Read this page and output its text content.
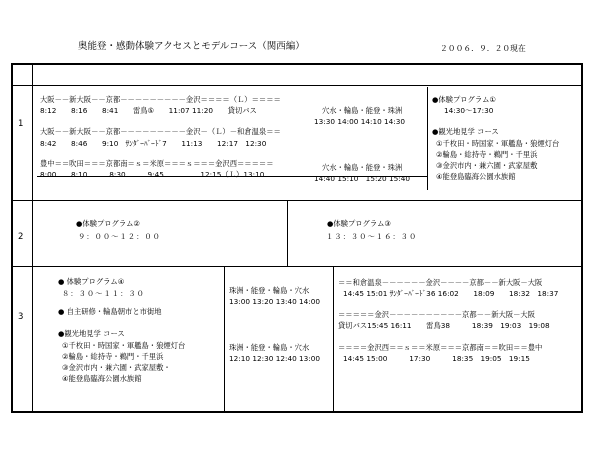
奥能登・感動体験アクセスとモデルコース（関西編）	２００６．９．２０現在
1
2
3
大阪－－新大阪－－京都－－－－－－－－－金沢＝＝＝＝（Ｌ）＝＝＝＝
8:12　　8:16　　8:41　　雷鳥⑤　　11:07 11:20　　貸切バス
大阪－－新大阪－－京都－－－－－－－－－金沢－（Ｌ）－和倉温泉＝＝
8:42　　8:46　　9:10　ｻﾝﾀﾞｰﾊﾞｰﾄﾞ7　　11:13　　12:17　12:30
豊中＝＝吹田＝＝＝京都南＝ｓ＝米原＝＝＝ｓ＝＝＝金沢西＝＝＝＝＝
8:00　　8:10　　　8:30　　　9:45　　　　　12:15（Ｌ）13:10
穴水・輪島・能登・珠洲
13:30 14:00 14:10 14:30
穴水・輪島・能登・珠洲
14:40 15:10　15:20 15:40
●体験プログラム①
14:30～17:30
●観光地見学 コース
①千枚田・時国家・軍艦島・狼煙灯台
②輪島・総持寺・鵜門・千里浜
③金沢市内・兼六園・武家屋敷
④能登島臨海公園水族館
●体験プログラム②
９：００～１２：００
●体験プログラム③
１３：３０～１６：３０
● 体験プログラム④
８：３０～１１：３０
● 自主研修・輪島朝市と市街地
●観光地見学 コース
①千枚田・時国家・軍艦島・狼煙灯台
②輪島・総持寺・鵜門・千里浜
③金沢市内・兼六園・武家屋敷・
④能登島臨海公園水族館
珠洲・能登・輪島・穴水
13:00 13:20 13:40 14:00
珠洲・能登・輪島・穴水
12:10 12:30 12:40 13:00
＝＝和倉温泉－－－－－－金沢－－－－京都－－新大阪－大阪
14:45 15:01 ｻﾝﾀﾞｰﾊﾞｰﾄﾞ36 16:02　　18:09　　18:32　18:37
＝＝＝＝＝金沢－－－－－－－－－－京都－－新大阪－大阪
貸切バス15:45 16:11　　雷鳥38　　　18:39　19:03　19:08
＝＝＝＝金沢西＝＝ｓ＝＝米原＝＝＝京都南＝＝吹田＝＝豊中
14:45 15:00　　　17:30　　　18:35　19:05　19:15
